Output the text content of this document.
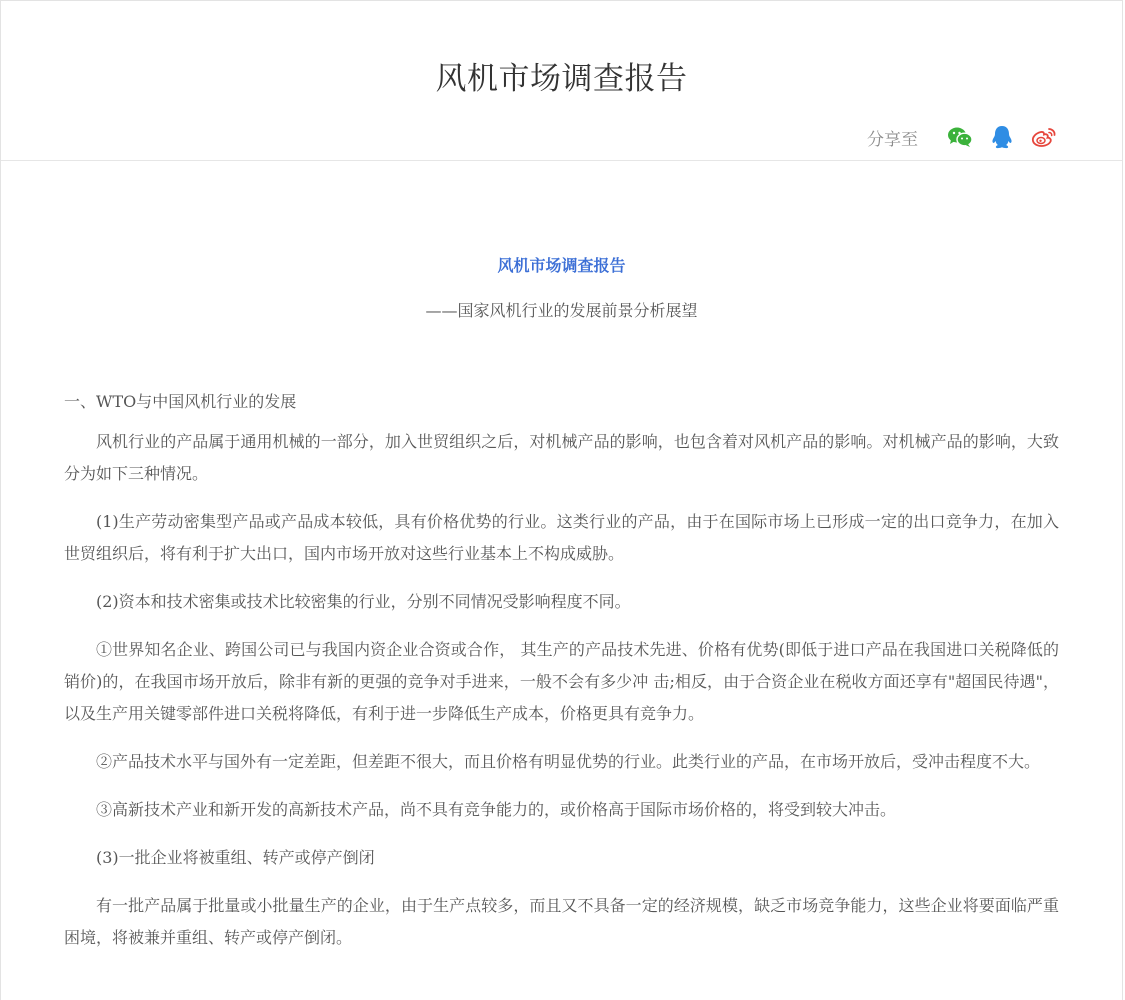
风机市场调查报告
分享至
风机市场调查报告
——国家风机行业的发展前景分析展望
一、WTO与中国风机行业的发展

风机行业的产品属于通用机械的一部分，加入世贸组织之后，对机械产品的影响，也包含着对风机产品的影响。对机械产品的影响，大致分为如下三种情况。

(1)生产劳动密集型产品或产品成本较低，具有价格优势的行业。这类行业的产品，由于在国际市场上已形成一定的出口竞争力，在加入世贸组织后，将有利于扩大出口，国内市场开放对这些行业基本上不构成威胁。

(2)资本和技术密集或技术比较密集的行业，分别不同情况受影响程度不同。

①世界知名企业、跨国公司已与我国内资企业合资或合作， 其生产的产品技术先进、价格有优势(即低于进口产品在我国进口关税降低的销价)的，在我国市场开放后，除非有新的更强的竞争对手进来，一般不会有多少冲 击;相反，由于合资企业在税收方面还享有"超国民待遇"，以及生产用关键零部件进口关税将降低，有利于进一步降低生产成本，价格更具有竞争力。

②产品技术水平与国外有一定差距，但差距不很大，而且价格有明显优势的行业。此类行业的产品，在市场开放后，受冲击程度不大。

③高新技术产业和新开发的高新技术产品，尚不具有竞争能力的，或价格高于国际市场价格的，将受到较大冲击。

(3)一批企业将被重组、转产或停产倒闭

有一批产品属于批量或小批量生产的企业，由于生产点较多，而且又不具备一定的经济规模，缺乏市场竞争能力，这些企业将要面临严重困境，将被兼并重组、转产或停产倒闭。
